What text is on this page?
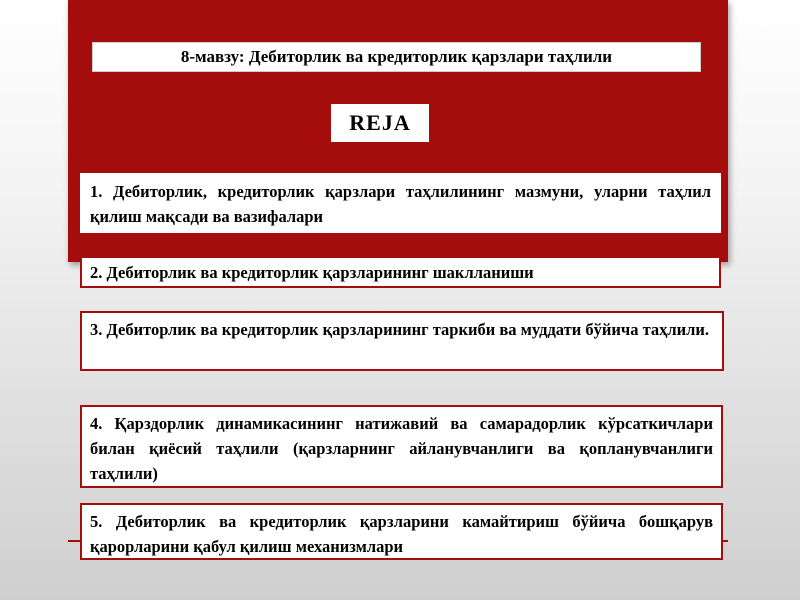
8-мавзу: Дебиторлик ва кредиторлик қарзлари таҳлили
REJA
1. Дебиторлик, кредиторлик қарзлари таҳлилининг мазмуни, уларни таҳлил қилиш мақсади ва вазифалари
2. Дебиторлик ва кредиторлик қарзларининг шаклланиши
3. Дебиторлик ва кредиторлик қарзларининг таркиби ва муддати бўйича таҳлили.
4. Қарздорлик динамикасининг натижавий ва самарадорлик кўрсаткичлари билан қиёсий таҳлили (қарзларнинг айланувчанлиги ва қопланувчанлиги таҳлили)
5. Дебиторлик ва кредиторлик қарзларини камайтириш бўйича бошқарув қарорларини қабул қилиш механизмлари
